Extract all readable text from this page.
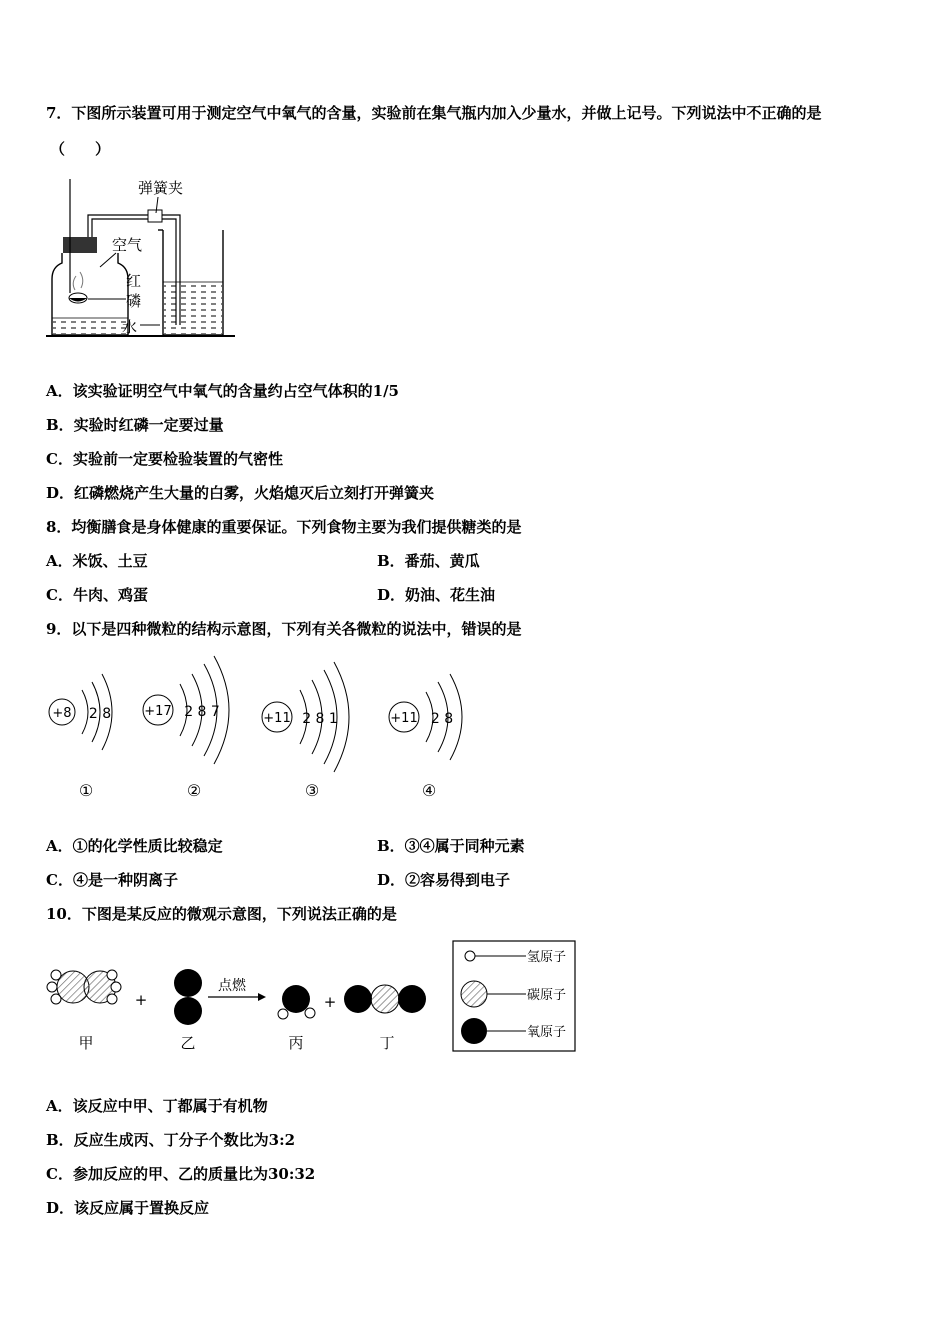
7．下图所示装置可用于测定空气中氧气的含量，实验前在集气瓶内加入少量水，并做上记号。下列说法中不正确的是
（　　）
弹簧夹
空气
红
磷
水
A．该实验证明空气中氧气的含量约占空气体积的1/5
B．实验时红磷一定要过量
C．实验前一定要检验装置的气密性
D．红磷燃烧产生大量的白雾，火焰熄灭后立刻打开弹簧夹
8．均衡膳食是身体健康的重要保证。下列食物主要为我们提供糖类的是
A．米饭、土豆	B．番茄、黄瓜
C．牛肉、鸡蛋	D．奶油、花生油
9．以下是四种微粒的结构示意图，下列有关各微粒的说法中，错误的是
+8 2 8
①
+17 2 8 7
②
+11 2 8 1
③
+11 2 8
④
A．①的化学性质比较稳定	B．③④属于同种元素
C．④是一种阴离子	D．②容易得到电子
10．下图是某反应的微观示意图，下列说法正确的是
甲
+
乙
点燃
丙
+
丁
氢原子
碳原子
氧原子
A．该反应中甲、丁都属于有机物
B．反应生成丙、丁分子个数比为3:2
C．参加反应的甲、乙的质量比为30:32
D．该反应属于置换反应
